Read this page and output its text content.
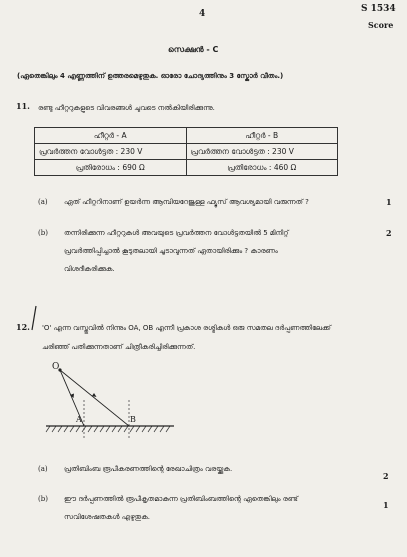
4	S 1534
Score
സെക്ഷൻ - C
(ഏതെങ്കിലും 4 എണ്ണത്തിന് ഉത്തരമെഴുതുക. ഓരോ ചോദ്യത്തിനും 3 സ്കോർ വീതം.)
11. രണ്ടു ഹീറ്ററുകളുടെ വിവരങ്ങൾ ചുവടെ നൽകിയിരിക്കുന്നു.
ഹീറ്റർ - A	ഹീറ്റർ - B
പ്രവർത്തന വോൾട്ടത : 230 V	പ്രവർത്തന വോൾട്ടത : 230 V
പ്രതിരോധം : 690 Ω	പ്രതിരോധം : 460 Ω
(a) ഏത് ഹീറ്ററിനാണ് ഉയർന്ന ആമ്പിയറേജുള്ള ഫ്യൂസ് ആവശ്യമായി വരുന്നത് ?	1
(b) തന്നിരിക്കുന്ന ഹീറ്ററുകൾ അവയുടെ പ്രവർത്തന വോൾട്ടതയിൽ 5 മിനിറ്റ്
പ്രവർത്തിപ്പിച്ചാൽ കൂടുതലായി ചൂടാവുന്നത് ഏതായിരിക്കും ? കാരണം
വിശദീകരിക്കുക.
2
12. 'O' എന്ന വസ്തുവിൽ നിന്നും OA, OB എന്നീ പ്രകാശ രശ്മികൾ ഒരു സമതല ദർപ്പണത്തിലേക്ക്
ചരിഞ്ഞ് പതിക്കുന്നതാണ് ചിത്രീകരിച്ചിരിക്കുന്നത്.
O
A	B
(a) പ്രതിബിംബ രൂപീകരണത്തിന്റെ രേഖാചിത്രം വരയ്ക്കുക.
2
(b) ഈ ദർപ്പണത്തിൽ രൂപീകൃതമാകുന്ന പ്രതിബിംബത്തിന്റെ ഏതെങ്കിലും രണ്ട്
സവിശേഷതകൾ എഴുതുക.
1
